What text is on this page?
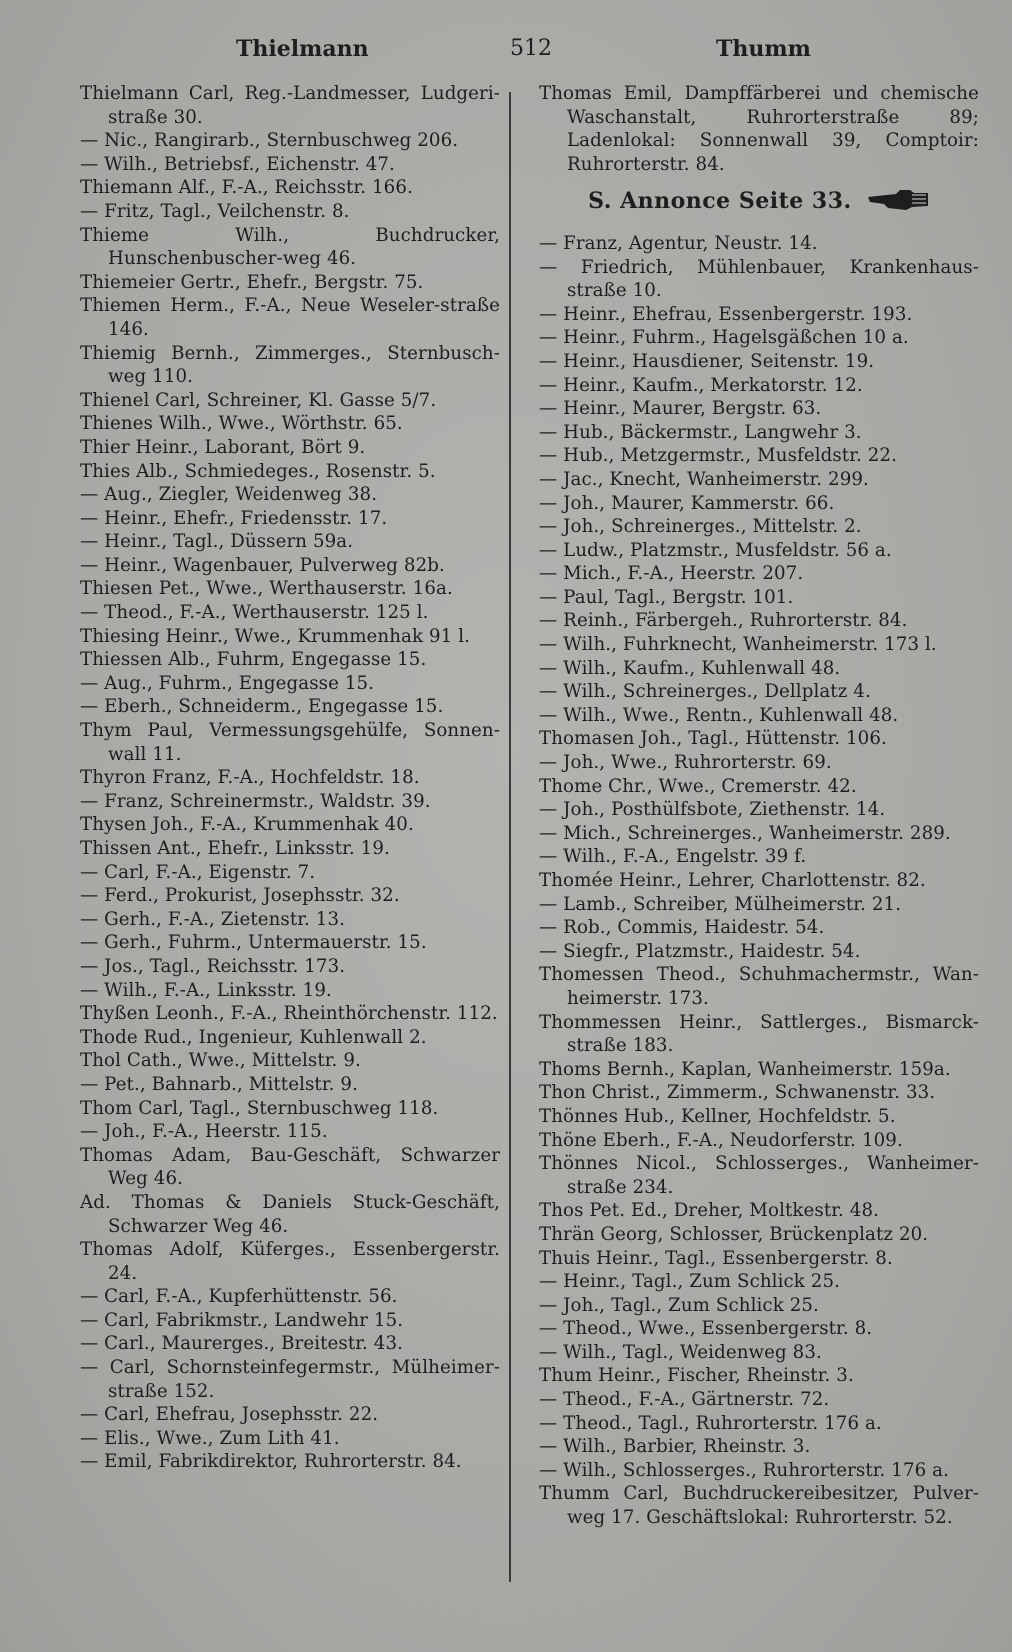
Thielmann	512	Thumm
Thielmann Carl, Reg.-Landmesser, Ludgeri-straße 30.
— Nic., Rangirarb., Sternbuschweg 206.
— Wilh., Betriebsf., Eichenstr. 47.
Thiemann Alf., F.-A., Reichsstr. 166.
— Fritz, Tagl., Veilchenstr. 8.
Thieme Wilh., Buchdrucker, Hunschenbuscher-weg 46.
Thiemeier Gertr., Ehefr., Bergstr. 75.
Thiemen Herm., F.-A., Neue Weseler-straße 146.
Thiemig Bernh., Zimmerges., Sternbusch-weg 110.
Thienel Carl, Schreiner, Kl. Gasse 5/7.
Thienes Wilh., Wwe., Wörthstr. 65.
Thier Heinr., Laborant, Bört 9.
Thies Alb., Schmiedeges., Rosenstr. 5.
— Aug., Ziegler, Weidenweg 38.
— Heinr., Ehefr., Friedensstr. 17.
— Heinr., Tagl., Düssern 59a.
— Heinr., Wagenbauer, Pulverweg 82b.
Thiesen Pet., Wwe., Werthauserstr. 16a.
— Theod., F.-A., Werthauserstr. 125 l.
Thiesing Heinr., Wwe., Krummenhak 91 l.
Thiessen Alb., Fuhrm, Engegasse 15.
— Aug., Fuhrm., Engegasse 15.
— Eberh., Schneiderm., Engegasse 15.
Thym Paul, Vermessungsgehülfe, Sonnen-wall 11.
Thyron Franz, F.-A., Hochfeldstr. 18.
— Franz, Schreinermstr., Waldstr. 39.
Thysen Joh., F.-A., Krummenhak 40.
Thissen Ant., Ehefr., Linksstr. 19.
— Carl, F.-A., Eigenstr. 7.
— Ferd., Prokurist, Josephsstr. 32.
— Gerh., F.-A., Zietenstr. 13.
— Gerh., Fuhrm., Untermauerstr. 15.
— Jos., Tagl., Reichsstr. 173.
— Wilh., F.-A., Linksstr. 19.
Thyßen Leonh., F.-A., Rheinthörchenstr. 112.
Thode Rud., Ingenieur, Kuhlenwall 2.
Thol Cath., Wwe., Mittelstr. 9.
— Pet., Bahnarb., Mittelstr. 9.
Thom Carl, Tagl., Sternbuschweg 118.
— Joh., F.-A., Heerstr. 115.
Thomas Adam, Bau-Geschäft, Schwarzer Weg 46.
Ad. Thomas & Daniels Stuck-Geschäft, Schwarzer Weg 46.
Thomas Adolf, Küferges., Essenbergerstr. 24.
— Carl, F.-A., Kupferhüttenstr. 56.
— Carl, Fabrikmstr., Landwehr 15.
— Carl., Maurerges., Breitestr. 43.
— Carl, Schornsteinfegermstr., Mülheimer-straße 152.
— Carl, Ehefrau, Josephsstr. 22.
— Elis., Wwe., Zum Lith 41.
— Emil, Fabrikdirektor, Ruhrorterstr. 84.
Thomas Emil, Dampffärberei und chemische Waschanstalt, Ruhrorterstraße 89; Ladenlokal: Sonnenwall 39, Comptoir: Ruhrorterstr. 84.
S. Annonce Seite 33.
— Franz, Agentur, Neustr. 14.
— Friedrich, Mühlenbauer, Krankenhaus-straße 10.
— Heinr., Ehefrau, Essenbergerstr. 193.
— Heinr., Fuhrm., Hagelsgäßchen 10 a.
— Heinr., Hausdiener, Seitenstr. 19.
— Heinr., Kaufm., Merkatorstr. 12.
— Heinr., Maurer, Bergstr. 63.
— Hub., Bäckermstr., Langwehr 3.
— Hub., Metzgermstr., Musfeldstr. 22.
— Jac., Knecht, Wanheimerstr. 299.
— Joh., Maurer, Kammerstr. 66.
— Joh., Schreinerges., Mittelstr. 2.
— Ludw., Platzmstr., Musfeldstr. 56 a.
— Mich., F.-A., Heerstr. 207.
— Paul, Tagl., Bergstr. 101.
— Reinh., Färbergeh., Ruhrorterstr. 84.
— Wilh., Fuhrknecht, Wanheimerstr. 173 l.
— Wilh., Kaufm., Kuhlenwall 48.
— Wilh., Schreinerges., Dellplatz 4.
— Wilh., Wwe., Rentn., Kuhlenwall 48.
Thomasen Joh., Tagl., Hüttenstr. 106.
— Joh., Wwe., Ruhrorterstr. 69.
Thome Chr., Wwe., Cremerstr. 42.
— Joh., Posthülfsbote, Ziethenstr. 14.
— Mich., Schreinerges., Wanheimerstr. 289.
— Wilh., F.-A., Engelstr. 39 f.
Thomée Heinr., Lehrer, Charlottenstr. 82.
— Lamb., Schreiber, Mülheimerstr. 21.
— Rob., Commis, Haidestr. 54.
— Siegfr., Platzmstr., Haidestr. 54.
Thomessen Theod., Schuhmachermstr., Wan-heimerstr. 173.
Thommessen Heinr., Sattlerges., Bismarck-straße 183.
Thoms Bernh., Kaplan, Wanheimerstr. 159a.
Thon Christ., Zimmerm., Schwanenstr. 33.
Thönnes Hub., Kellner, Hochfeldstr. 5.
Thöne Eberh., F.-A., Neudorferstr. 109.
Thönnes Nicol., Schlosserges., Wanheimer-straße 234.
Thos Pet. Ed., Dreher, Moltkestr. 48.
Thrän Georg, Schlosser, Brückenplatz 20.
Thuis Heinr., Tagl., Essenbergerstr. 8.
— Heinr., Tagl., Zum Schlick 25.
— Joh., Tagl., Zum Schlick 25.
— Theod., Wwe., Essenbergerstr. 8.
— Wilh., Tagl., Weidenweg 83.
Thum Heinr., Fischer, Rheinstr. 3.
— Theod., F.-A., Gärtnerstr. 72.
— Theod., Tagl., Ruhrorterstr. 176 a.
— Wilh., Barbier, Rheinstr. 3.
— Wilh., Schlosserges., Ruhrorterstr. 176 a.
Thumm Carl, Buchdruckereibesitzer, Pulver-weg 17. Geschäftslokal: Ruhrorterstr. 52.
